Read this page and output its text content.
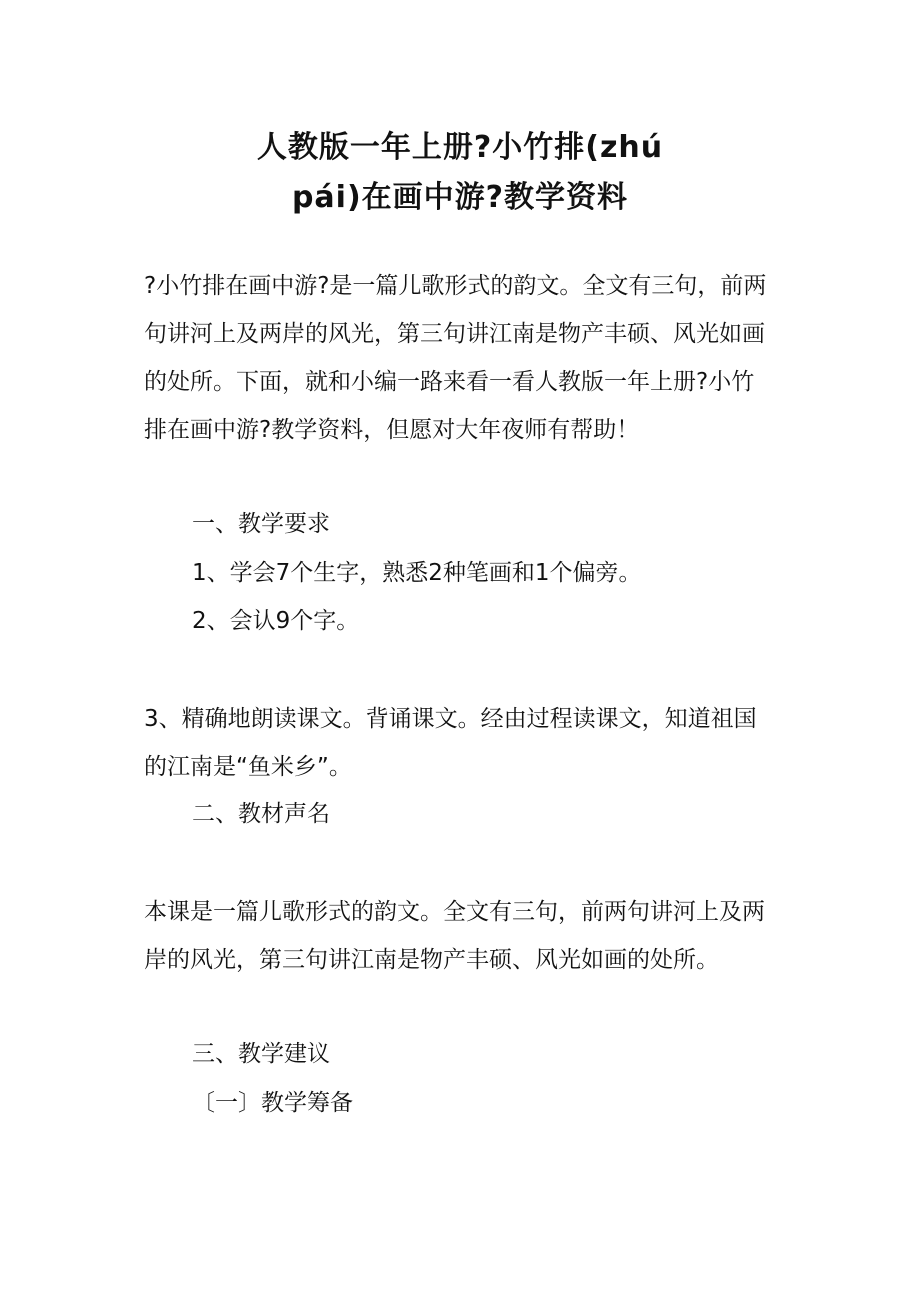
人教版一年上册?小竹排(zhú
pái)在画中游?教学资料

?小竹排在画中游?是一篇儿歌形式的韵文。全文有三句，前两句讲河上及两岸的风光，第三句讲江南是物产丰硕、风光如画的处所。下面，就和小编一路来看一看人教版一年上册?小竹排在画中游?教学资料，但愿对大年夜师有帮助！

一、教学要求
1、学会7个生字，熟悉2种笔画和1个偏旁。
2、会认9个字。

3、精确地朗读课文。背诵课文。经由过程读课文，知道祖国的江南是“鱼米乡”。

二、教材声名

本课是一篇儿歌形式的韵文。全文有三句，前两句讲河上及两岸的风光，第三句讲江南是物产丰硕、风光如画的处所。

三、教学建议
〔一〕教学筹备
